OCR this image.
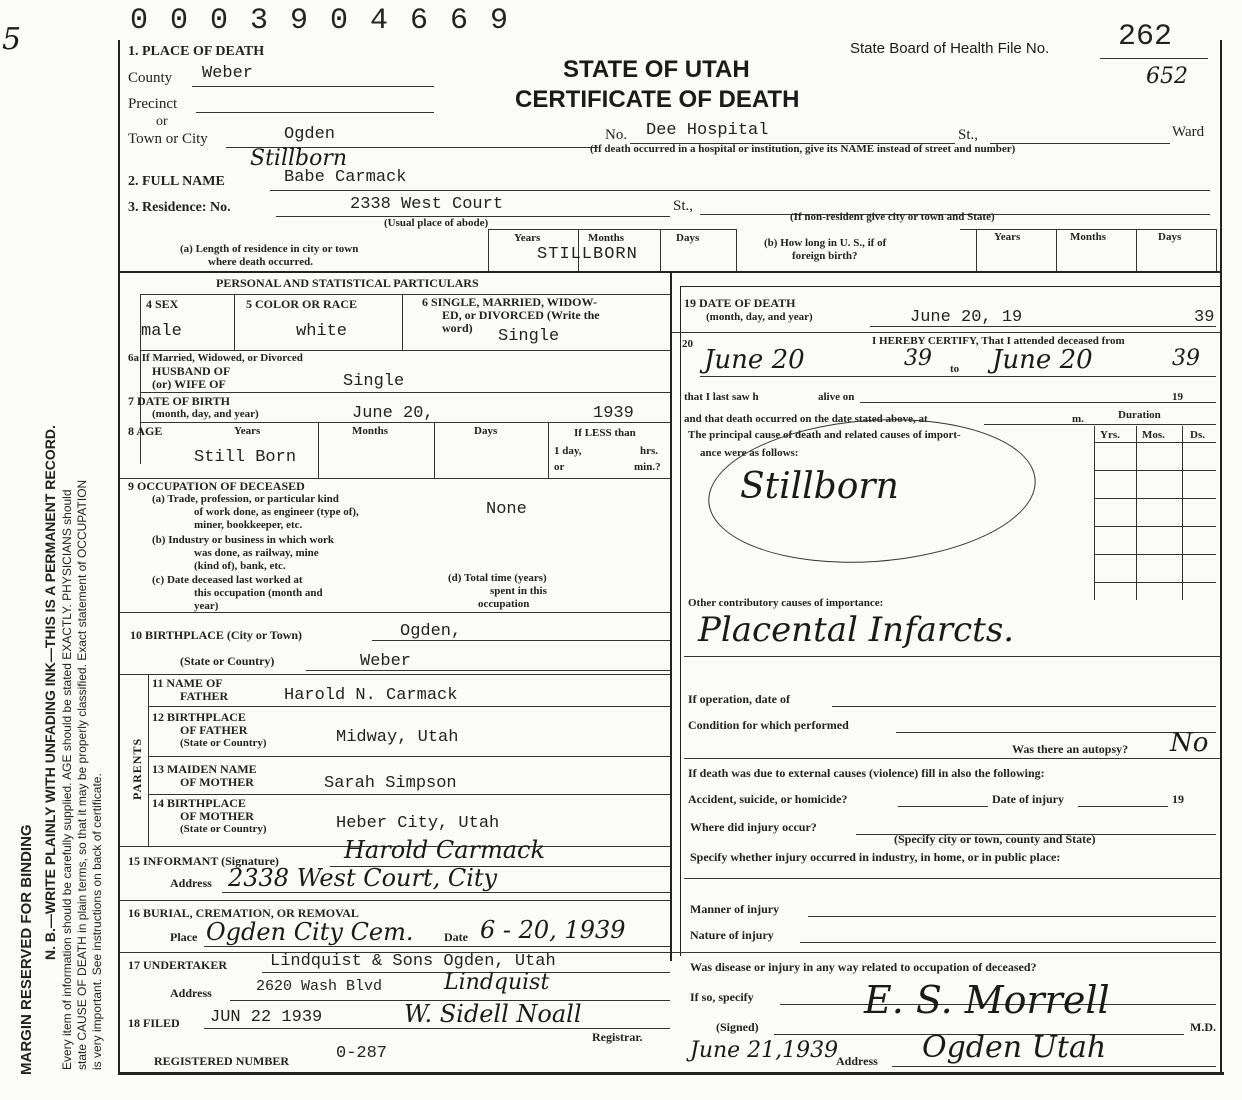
5
MARGIN RESERVED FOR BINDING N. B.—WRITE PLAINLY WITH UNFADING INK—THIS IS A PERMANENT RECORD. Every item of information should be carefully supplied. AGE should be stated EXACTLY. PHYSICIANS should state CAUSE OF DEATH in plain terms, so that it may be properly classified. Exact statement of OCCUPATION is very important. See instructions on back of certificate.
0 0 0 3 9 0 4 6 6 9
1. PLACE OF DEATH	State Board of Health File No. 262
652
STATE OF UTAH
CERTIFICATE OF DEATH
County Weber
Precinct
or
Town or City	Ogden	No. Dee Hospital	St.,	Ward
(If death occurred in a hospital or institution, give its NAME instead of street and number)
Stillborn
2. FULL NAME	Babe Carmack
3. Residence: No.	2338 West Court	St.,
(Usual place of abode)	(If non-resident give city or town and State)
(a) Length of residence in city or town
where death occurred.
Years	Months	Days
STILLBORN
(b) How long in U. S., if of
foreign birth?
Years	Months	Days
PERSONAL AND STATISTICAL PARTICULARS
4 SEX
male
5 COLOR OR RACE
white
6 SINGLE, MARRIED, WIDOW-
ED, or DIVORCED (Write the
word) Single
6a If Married, Widowed, or Divorced
HUSBAND OF
(or) WIFE OF	Single
7 DATE OF BIRTH
(month, day, and year)	June 20,	1939
8 AGE	Years	Months	Days	If LESS than
1 day,	hrs.
or	min.?
Still Born
9 OCCUPATION OF DECEASED
(a) Trade, profession, or particular kind
of work done, as engineer (type of),
miner, bookkeeper, etc.
None
(b) Industry or business in which work
was done, as railway, mine
(kind of), bank, etc.
(c) Date deceased last worked at
this occupation (month and
year)
(d) Total time (years)
spent in this
occupation
10 BIRTHPLACE (City or Town)	Ogden,
(State or Country)	Weber
PARENTS
11 NAME OF
FATHER	Harold N. Carmack
12 BIRTHPLACE
OF FATHER
(State or Country)	Midway, Utah
13 MAIDEN NAME
OF MOTHER	Sarah Simpson
14 BIRTHPLACE
OF MOTHER
(State or Country)	Heber City, Utah
15 INFORMANT (Signature)	Harold Carmack
Address 2338 West Court, City
16 BURIAL, CREMATION, OR REMOVAL
Place Ogden City Cem.	Date 6 - 20, 1939
17 UNDERTAKER	Lindquist & Sons Ogden, Utah
Address	2620 Wash Blvd	Lindquist
18 FILED JUN 22 1939	W. Sidell Noall
Registrar.
REGISTERED NUMBER	0-287
19 DATE OF DEATH
(month, day, and year)	June 20, 19	39
20	I HEREBY CERTIFY, That I attended deceased from
June 20	39 to June 20	39
that I last saw h	alive on	19
and that death occurred on the date stated above, at	m.	Duration
The principal cause of death and related causes of import-
ance were as follows:
Yrs. Mos. Ds.
Stillborn
Other contributory causes of importance:
Placental Infarcts.
If operation, date of
Condition for which performed
Was there an autopsy? No
If death was due to external causes (violence) fill in also the following:
Accident, suicide, or homicide?	Date of injury	19
Where did injury occur?
(Specify city or town, county and State)
Specify whether injury occurred in industry, in home, or in public place:
Manner of injury
Nature of injury
Was disease or injury in any way related to occupation of deceased?
If so, specify	E. S. Morrell
(Signed)	M.D.
June 21,1939
Address Ogden Utah
